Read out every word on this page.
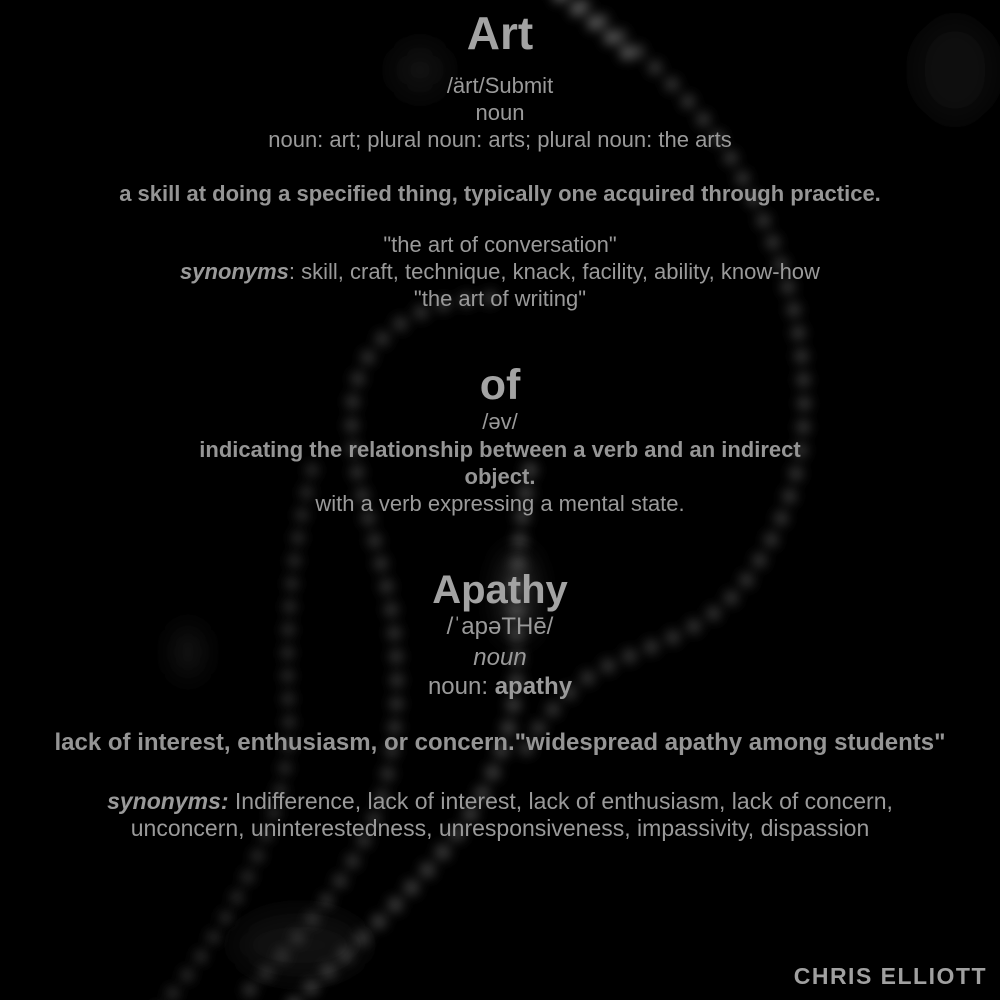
Art
/ärt/Submit
noun
noun: art; plural noun: arts; plural noun: the arts
a skill at doing a specified thing, typically one acquired through practice.
"the art of conversation"
synonyms: skill, craft, technique, knack, facility, ability, know-how
"the art of writing"
of
/əv/
indicating the relationship between a verb and an indirect
object.
with a verb expressing a mental state.
Apathy
/ˈapəTHē/
noun
noun: apathy
lack of interest, enthusiasm, or concern."widespread apathy among students"
synonyms: Indifference, lack of interest, lack of enthusiasm, lack of concern,
unconcern, uninterestedness, unresponsiveness, impassivity, dispassion
CHRIS ELLIOTT
